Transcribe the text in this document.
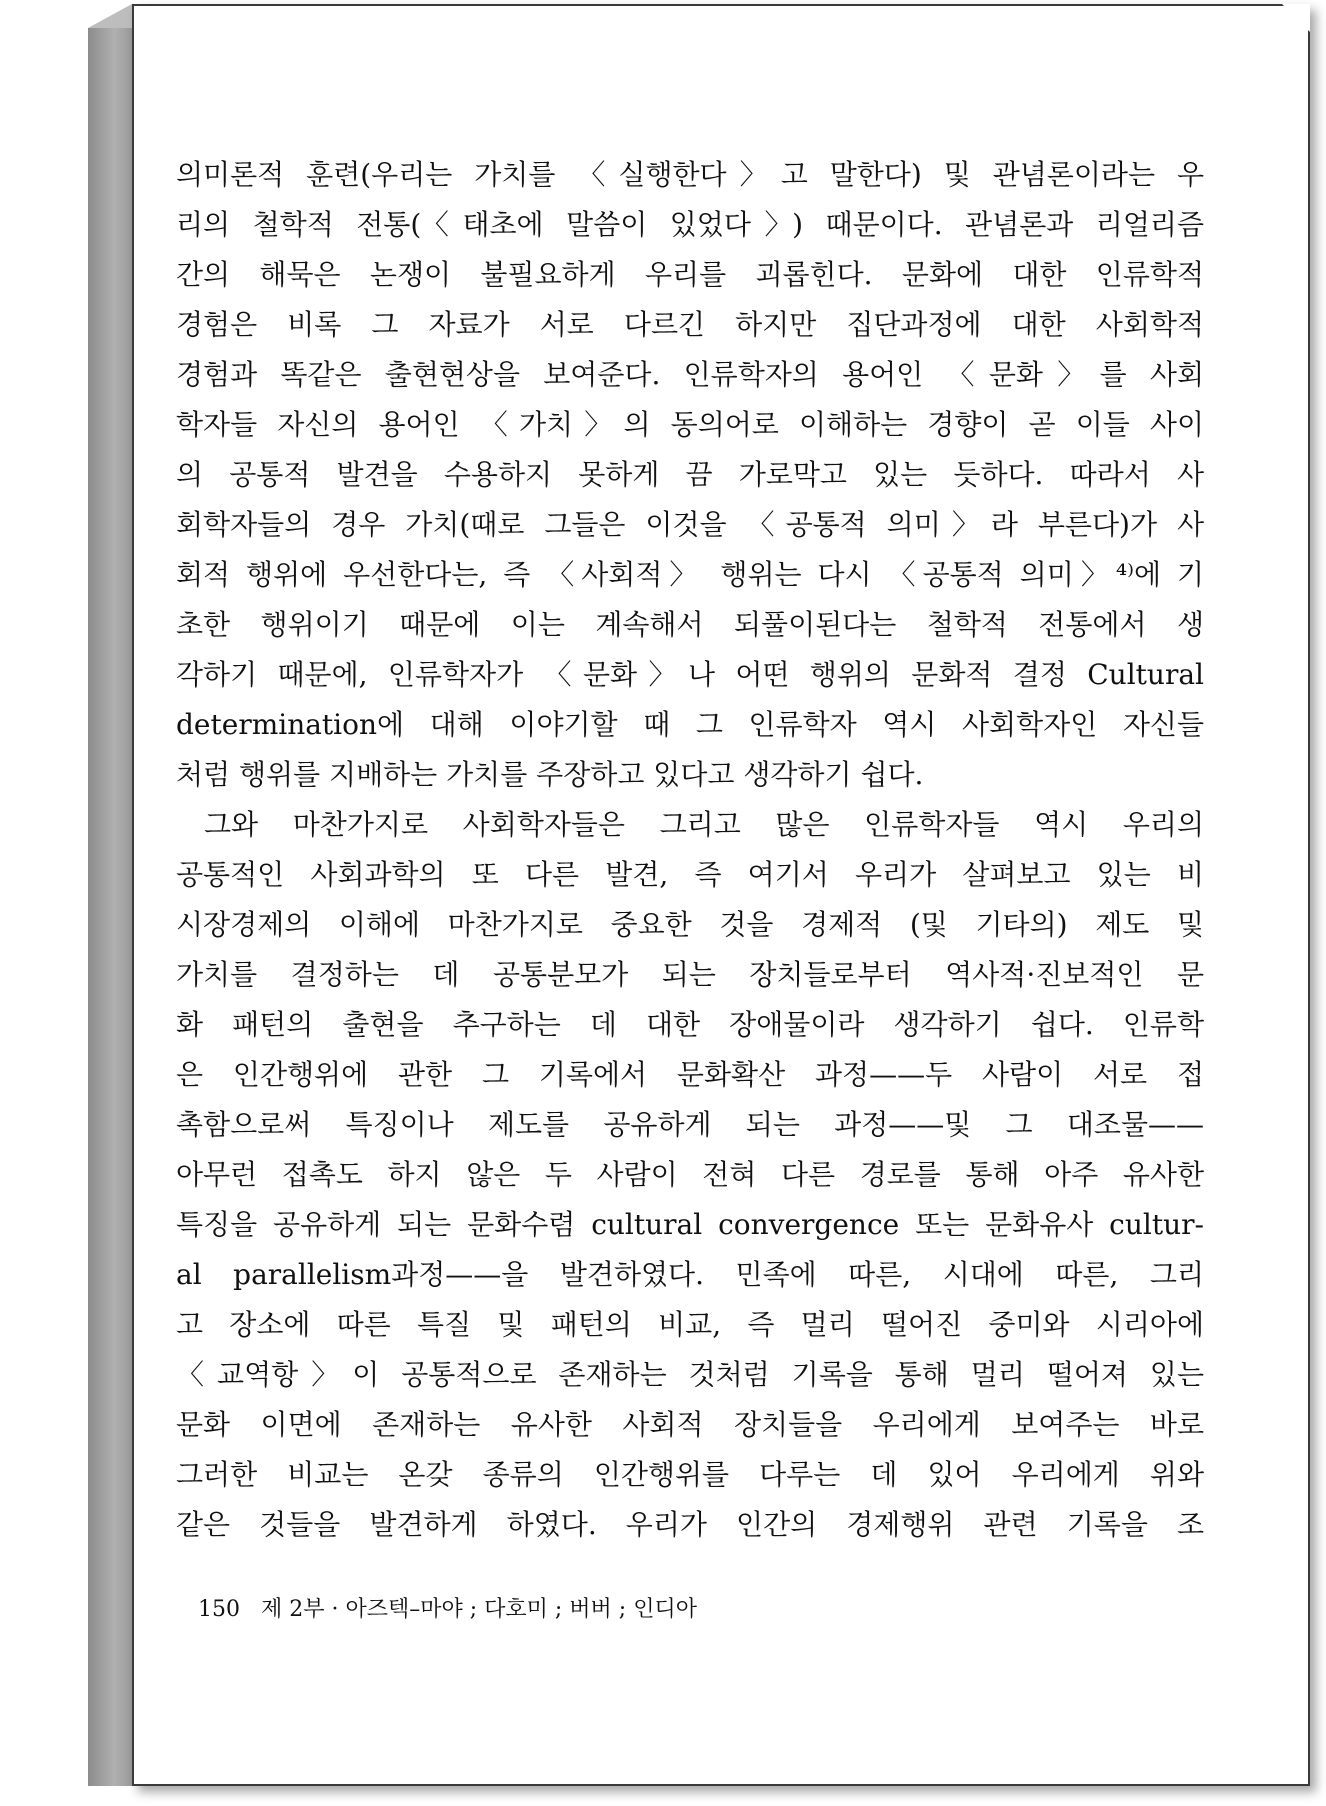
의미론적 훈련(우리는 가치를 〈실행한다〉고 말한다) 및 관념론이라는 우
리의 철학적 전통(〈태초에 말씀이 있었다〉) 때문이다. 관념론과 리얼리즘
간의 해묵은 논쟁이 불필요하게 우리를 괴롭힌다. 문화에 대한 인류학적
경험은 비록 그 자료가 서로 다르긴 하지만 집단과정에 대한 사회학적
경험과 똑같은 출현현상을 보여준다. 인류학자의 용어인 〈문화〉를 사회
학자들 자신의 용어인 〈가치〉의 동의어로 이해하는 경향이 곧 이들 사이
의 공통적 발견을 수용하지 못하게 끔 가로막고 있는 듯하다. 따라서 사
회학자들의 경우 가치(때로 그들은 이것을 〈공통적 의미〉라 부른다)가 사
회적 행위에 우선한다는, 즉 〈사회적〉 행위는 다시 〈공통적 의미〉⁴⁾에 기
초한 행위이기 때문에 이는 계속해서 되풀이된다는 철학적 전통에서 생
각하기 때문에, 인류학자가 〈문화〉나 어떤 행위의 문화적 결정 Cultural
determination에 대해 이야기할 때 그 인류학자 역시 사회학자인 자신들
처럼 행위를 지배하는 가치를 주장하고 있다고 생각하기 쉽다.
그와 마찬가지로 사회학자들은 그리고 많은 인류학자들 역시 우리의
공통적인 사회과학의 또 다른 발견, 즉 여기서 우리가 살펴보고 있는 비
시장경제의 이해에 마찬가지로 중요한 것을 경제적 (및 기타의) 제도 및
가치를 결정하는 데 공통분모가 되는 장치들로부터 역사적·진보적인 문
화 패턴의 출현을 추구하는 데 대한 장애물이라 생각하기 쉽다. 인류학
은 인간행위에 관한 그 기록에서 문화확산 과정——두 사람이 서로 접
촉함으로써 특징이나 제도를 공유하게 되는 과정——및 그 대조물——
아무런 접촉도 하지 않은 두 사람이 전혀 다른 경로를 통해 아주 유사한
특징을 공유하게 되는 문화수렴 cultural convergence 또는 문화유사 cultur-
al parallelism과정——을 발견하였다. 민족에 따른, 시대에 따른, 그리
고 장소에 따른 특질 및 패턴의 비교, 즉 멀리 떨어진 중미와 시리아에
〈교역항〉이 공통적으로 존재하는 것처럼 기록을 통해 멀리 떨어져 있는
문화 이면에 존재하는 유사한 사회적 장치들을 우리에게 보여주는 바로
그러한 비교는 온갖 종류의 인간행위를 다루는 데 있어 우리에게 위와
같은 것들을 발견하게 하였다. 우리가 인간의 경제행위 관련 기록을 조
150 제 2부 · 아즈텍–마야 ; 다호미 ; 버버 ; 인디아
